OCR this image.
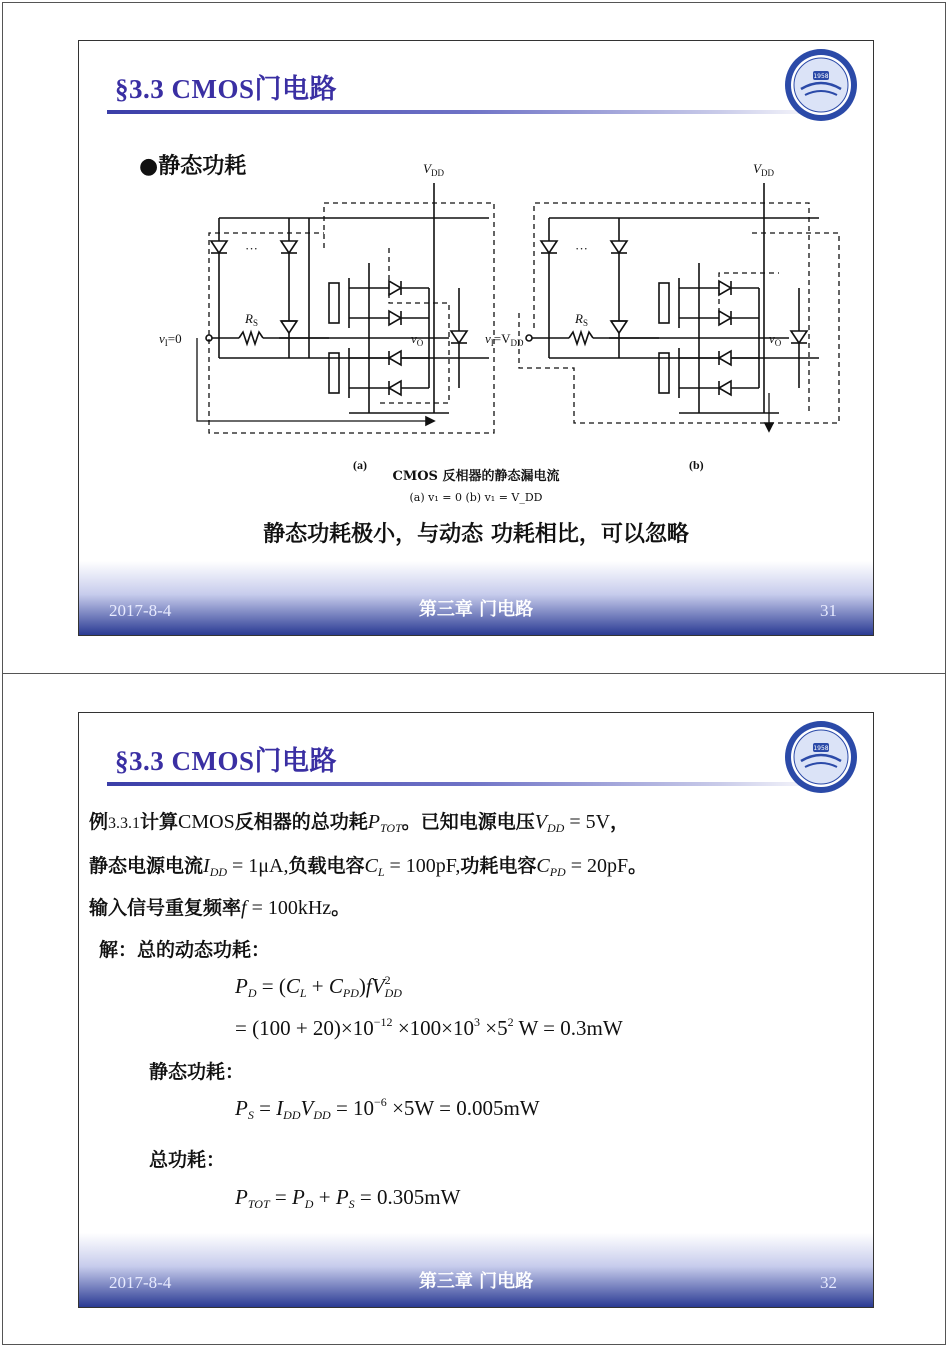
§3.3 CMOS门电路	1958
●静态功耗	$V_{DD}$	$V_{DD}$
$R_S$	$R_S$
$v_I=0$	$v_I=V_{DD}$
$v_O$	$v_O$
···	···
(a)	(b)
CMOS 反相器的静态漏电流
(a) v₁ = 0 (b) v₁ = V_DD
静态功耗极小，与动态 功耗相比，可以忽略
2017-8-4	第三章 门电路	31
§3.3 CMOS门电路	1958
例3.3.1计算CMOS反相器的总功耗$P_{TOT}$。已知电源电压$V_{DD} = 5V$，
静态电源电流$I_{DD} = 1\mu A$,负载电容$C_L = 100pF$,功耗电容$C_{PD} = 20pF$。
输入信号重复频率f = 100kHz。
解：总的动态功耗：
$P_D = (C_L + C_{PD})fV^2_{DD}$
= $(100 + 20)\times 10^{-12} \times 100\times 10^3 \times 5^2$ W = 0.3mW
静态功耗：
$P_S = I_{DD}V_{DD} = 10^{-6} \times 5W = 0.005mW$
总功耗：
$P_{TOT} = P_D + P_S = 0.305mW$
2017-8-4	第三章 门电路	32
